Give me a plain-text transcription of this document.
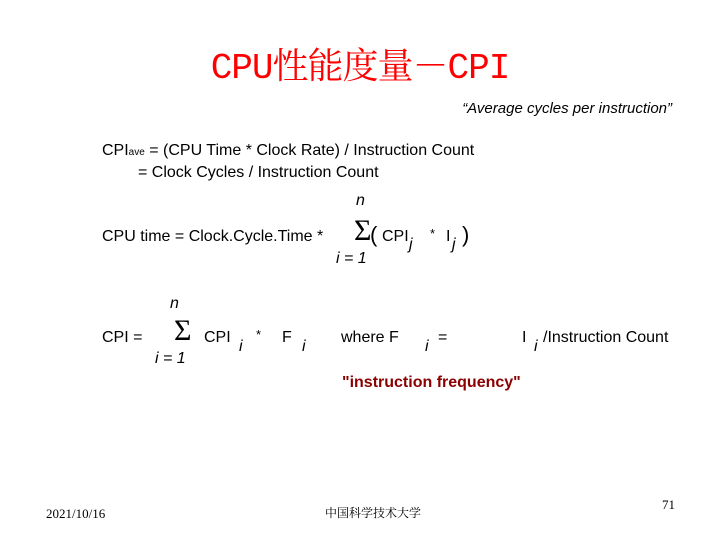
CPU性能度量－CPI
“Average cycles per instruction”
CPIave = (CPU Time * Clock Rate) / Instruction Count
= Clock Cycles / Instruction Count
n
CPU time = Clock.Cycle.Time * Σ
( CPI j
* I j )
i = 1
n
CPI = Σ CPI
i
* F
i
i = 1
where F
i
=	I
i
/Instruction Count
"instruction frequency"
2021/10/16	中国科学技术大学
71
